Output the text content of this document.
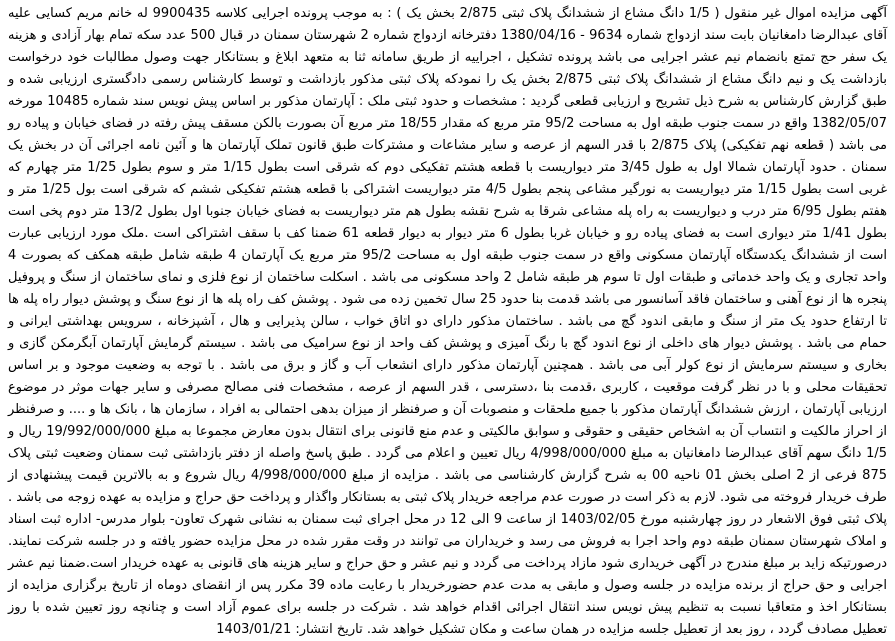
آگهی مزایده اموال غیر منقول ( 1/5 دانگ مشاع از ششدانگ پلاک ثبتی 2/875 بخش یک ) : به موجب پرونده اجرایی کلاسه 9900435 له خانم مریم کسایی علیه آقای عبدالرضا دامغانیان بابت سند ازدواج شماره 9634 - 1380/04/16 دفترخانه ازدواج شماره 2 شهرستان سمنان در قبال 500 عدد سکه تمام بهار آزادی و هزینه یک سفر حج تمتع بانضمام نیم عشر اجرایی می باشد پرونده تشکیل ، اجراییه از طریق سامانه ثنا به متعهد ابلاغ و بستانکار جهت وصول مطالبات خود درخواست بازداشت یک و نیم دانگ مشاع از ششدانگ پلاک ثبتی 2/875 بخش یک را نمودکه پلاک ثبتی مذکور بازداشت و توسط کارشناس رسمی دادگستری ارزیابی شده و طبق گزارش کارشناس به شرح ذیل تشریح و ارزیابی قطعی گردید : مشخصات و حدود ثبتی ملک : آپارتمان مذکور بر اساس پیش نویس سند شماره 10485 مورخه 1382/05/07 واقع در سمت جنوب طبقه اول به مساحت 95/2 متر مربع که مقدار 18/55 متر مربع آن بصورت بالکن مسقف پیش رفته در فضای خیابان و پیاده رو می باشد ( قطعه نهم تفکیکی) پلاک 2/875 با قدر السهم از عرصه و سایر مشاعات و مشترکات طبق قانون تملک آپارتمان ها و آئین نامه اجرائی آن در بخش یک سمنان . حدود آپارتمان شمالا اول به طول 3/45 متر دیواریست با قطعه هشتم تفکیکی دوم که شرقی است بطول 1/15 متر و سوم بطول 1/25 متر چهارم که غربی است بطول 1/15 متر دیواریست به نورگیر مشاعی پنجم بطول 4/5 متر دیواریست اشتراکی با قطعه هشتم تفکیکی ششم که شرقی است بول 1/25 متر و هفتم بطول 6/95 متر درب و دیواریست به راه پله مشاعی شرقا به شرح نقشه بطول هم متر دیواریست به فضای خیابان جنوبا اول بطول 13/2 متر دوم پخی است بطول 1/41 متر دیواری است به فضای پیاده رو و خیابان غربا بطول 6 متر دیوار به دیوار قطعه 61 ضمنا کف با سقف اشتراکی است .ملک مورد ارزیابی عبارت است از ششدانگ یکدستگاه آپارتمان مسکونی واقع در سمت جنوب طبقه اول به مساحت 95/2 متر مربع یک آپارتمان 4 طبقه شامل طبقه همکف که بصورت 4 واحد تجاری و یک واحد خدماتی و طبقات اول تا سوم هر طبقه شامل 2 واحد مسکونی می باشد . اسکلت ساختمان از نوع فلزی و نمای ساختمان از سنگ و پروفیل پنجره ها از نوع آهنی و ساختمان فاقد آسانسور می باشد قدمت بنا حدود 25 سال تخمین زده می شود . پوشش کف راه پله ها از نوع سنگ و پوشش دیوار راه پله ها تا ارتفاع حدود یک متر از سنگ و مابقی اندود گچ می باشد . ساختمان مذکور دارای دو اتاق خواب ، سالن پذیرایی و هال ، آشپزخانه ، سرویس بهداشتی ایرانی و حمام می باشد . پوشش دیوار های داخلی از نوع اندود گچ با رنگ آمیزی و پوشش کف واحد از نوع سرامیک می باشد . سیستم گرمایش آپارتمان آبگرمکن گازی و بخاری و سیستم سرمایش از نوع کولر آبی می باشد . همچنین آپارتمان مذکور دارای انشعاب آب و گاز و برق می باشد . با توجه به وضعیت موجود و بر اساس تحقیقات محلی و با در نظر گرفت موقعیت ، کاربری ،قدمت بنا ،دسترسی ، قدر السهم از عرصه ، مشخصات فنی مصالح مصرفی و سایر جهات موثر در موضوع ارزیابی آپارتمان ، ارزش ششدانگ آپارتمان مذکور با جمیع ملحقات و منصوبات آن و صرفنظر از میزان بدهی احتمالی به افراد ، سازمان ها ، بانک ها و .... و صرفنظر از احراز مالکیت و انتساب آن به اشخاص حقیقی و حقوقی و سوابق مالکیتی و عدم منع قانونی برای انتقال بدون معارض مجموعا به مبلغ 19/992/000/000 ریال و 1/5 دانگ سهم آقای عبدالرضا دامغانیان به مبلغ 4/998/000/000 ریال تعیین و اعلام می گردد . طبق پاسخ واصله از دفتر بازداشتی ثبت سمنان وضعیت ثبتی پلاک 875 فرعی از 2 اصلی بخش 01 ناحیه 00 به شرح گزارش کارشناسی می باشد . مزایده از مبلغ 4/998/000/000 ریال شروع و به بالاترین قیمت پیشنهادی از طرف خریدار فروخته می شود. لازم به ذکر است در صورت عدم مراجعه خریدار پلاک ثبتی به بستانکار واگذار و پرداخت حق حراج و مزایده به عهده زوجه می باشد . پلاک ثبتی فوق الاشعار در روز چهارشنبه مورخ 1403/02/05 از ساعت 9 الی 12 در محل اجرای ثبت سمنان به نشانی شهرک تعاون- بلوار مدرس- اداره ثبت اسناد و املاک شهرستان سمنان طبقه دوم واحد اجرا به فروش می رسد و خریداران می توانند در وقت مقرر شده در محل مزایده حضور یافته و در جلسه شرکت نمایند. درصورتیکه زاید بر مبلغ مندرج در آگهی خریداری شود مازاد پرداخت می گردد و نیم عشر و حق حراج و سایر هزینه های قانونی به عهده خریدار است.ضمنا نیم عشر اجرایی و حق حراج از برنده مزایده در جلسه وصول و مابقی به مدت عدم حضورخریدار با رعایت ماده 39 مکرر پس از انقضای دوماه از تاریخ برگزاری مزایده از بستانکار اخذ و متعاقبا نسبت به تنظیم پیش نویس سند انتقال اجرائی اقدام خواهد شد . شرکت در جلسه برای عموم آزاد است و چنانچه روز تعیین شده با روز تعطیل مصادف گردد ، روز بعد از تعطیل جلسه مزایده در همان ساعت و مکان تشکیل خواهد شد. تاریخ انتشار: 1403/01/21
